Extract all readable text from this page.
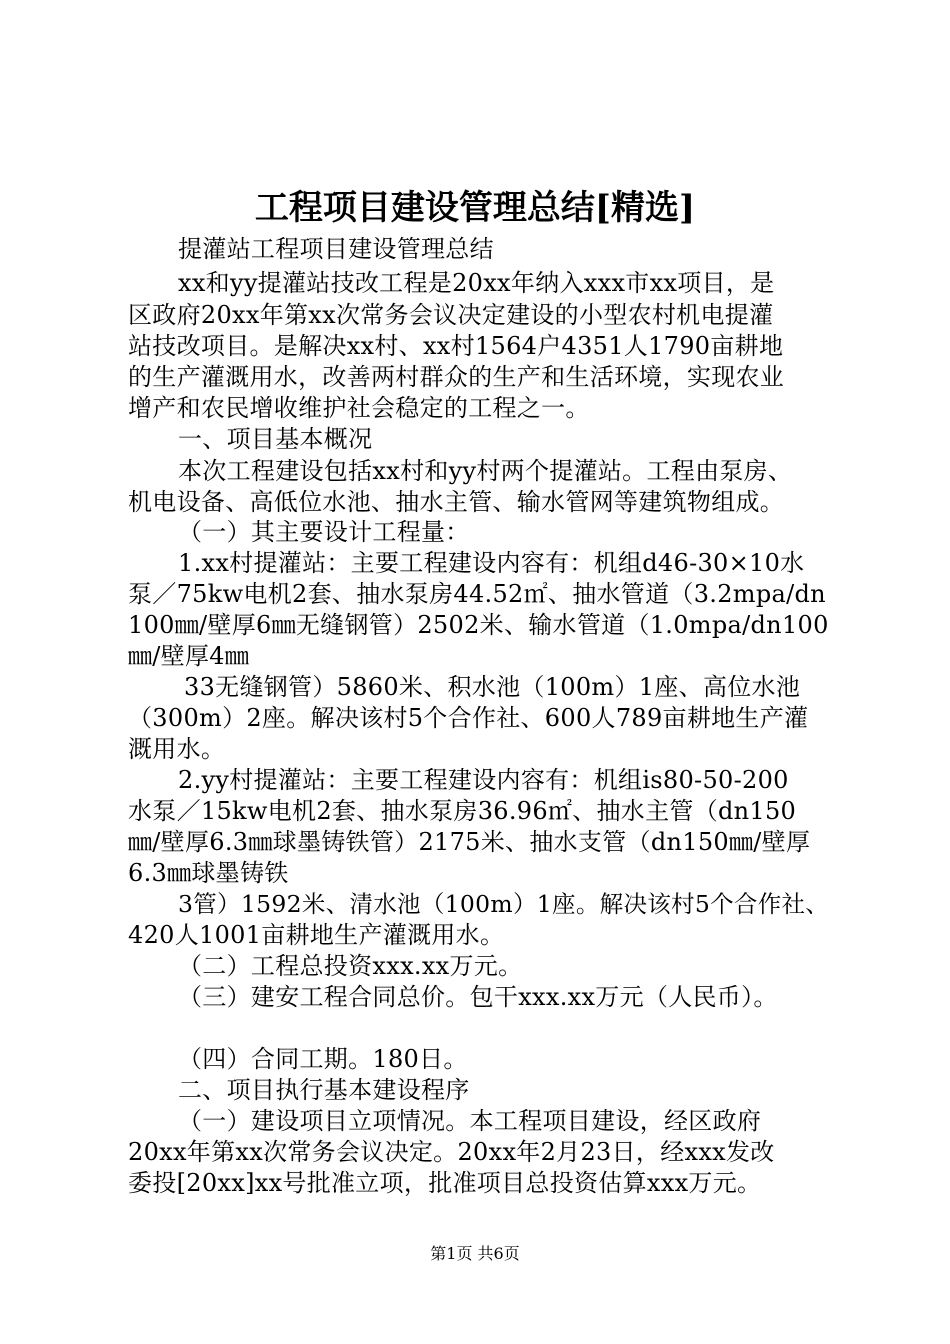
工程项目建设管理总结[精选]
提灌站工程项目建设管理总结
xx和yy提灌站技改工程是20xx年纳入xxx市xx项目，是
区政府20xx年第xx次常务会议决定建设的小型农村机电提灌
站技改项目。是解决xx村、xx村1564户4351人1790亩耕地
的生产灌溉用水，改善两村群众的生产和生活环境，实现农业
增产和农民增收维护社会稳定的工程之一。
一、项目基本概况
本次工程建设包括xx村和yy村两个提灌站。工程由泵房、
机电设备、高低位水池、抽水主管、输水管网等建筑物组成。
（一）其主要设计工程量：
1.xx村提灌站：主要工程建设内容有：机组d46-30×10水
泵／75kw电机2套、抽水泵房44.52㎡、抽水管道（3.2mpa/dn
100㎜/壁厚6㎜无缝钢管）2502米、输水管道（1.0mpa/dn100
㎜/壁厚4㎜
33无缝钢管）5860米、积水池（100m）1座、高位水池
（300m）2座。解决该村5个合作社、600人789亩耕地生产灌
溉用水。
2.yy村提灌站：主要工程建设内容有：机组is80-50-200
水泵／15kw电机2套、抽水泵房36.96㎡、抽水主管（dn150
㎜/壁厚6.3㎜球墨铸铁管）2175米、抽水支管（dn150㎜/壁厚
6.3㎜球墨铸铁
3管）1592米、清水池（100m）1座。解决该村5个合作社、
420人1001亩耕地生产灌溉用水。
（二）工程总投资xxx.xx万元。
（三）建安工程合同总价。包干xxx.xx万元（人民币）。
（四）合同工期。180日。
二、项目执行基本建设程序
（一）建设项目立项情况。本工程项目建设，经区政府
20xx年第xx次常务会议决定。20xx年2月23日，经xxx发改
委投[20xx]xx号批准立项，批准项目总投资估算xxx万元。
第1页 共6页
